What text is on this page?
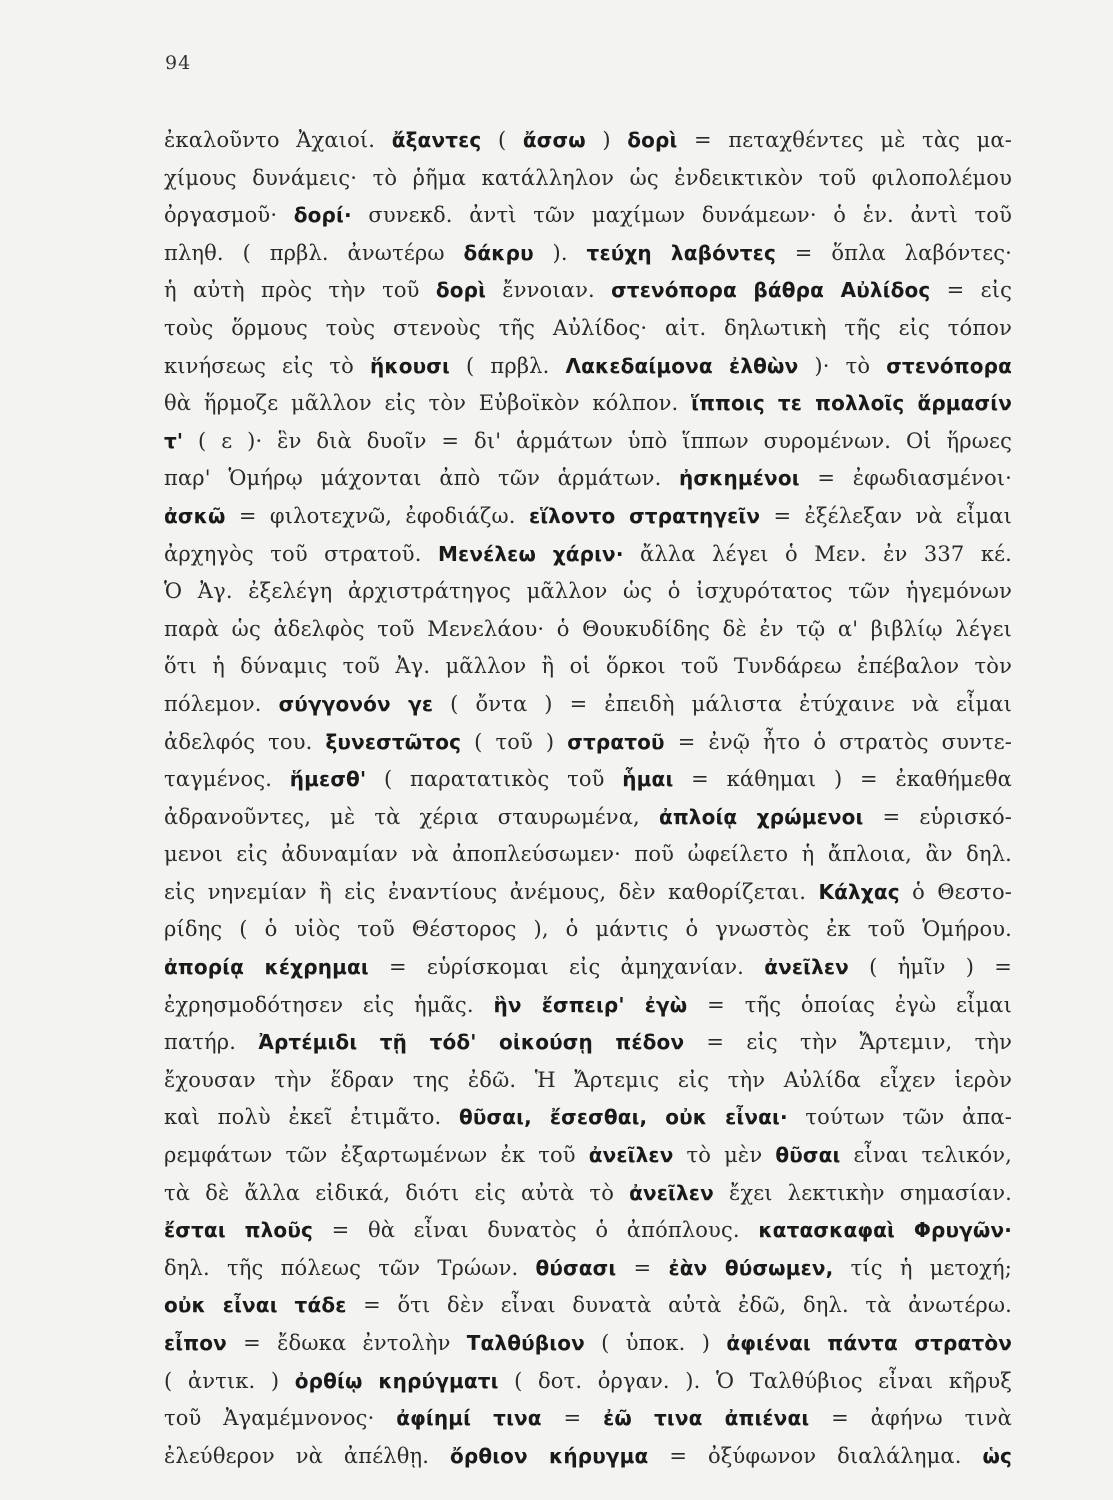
94
ἐκαλοῦντο Ἀχαιοί. ἄξαντες ( ἄσσω ) δορὶ = πεταχθέντες μὲ τὰς μα-
χίμους δυνάμεις· τὸ ῥῆμα κατάλληλον ὡς ἐνδεικτικὸν τοῦ φιλοπολέμου
ὀργασμοῦ· δορί· συνεκδ. ἀντὶ τῶν μαχίμων δυνάμεων· ὁ ἑν. ἀντὶ τοῦ
πληθ. ( πρβλ. ἀνωτέρω δάκρυ ). τεύχη λαβόντες = ὅπλα λαβόντες·
ἡ αὐτὴ πρὸς τὴν τοῦ δορὶ ἔννοιαν. στενόπορα βάθρα Αὐλίδος = εἰς
τοὺς ὅρμους τοὺς στενοὺς τῆς Αὐλίδος· αἰτ. δηλωτικὴ τῆς εἰς τόπον
κινήσεως εἰς τὸ ἥκουσι ( πρβλ. Λακεδαίμονα ἐλθὼν )· τὸ στενόπορα
θὰ ἥρμοζε μᾶλλον εἰς τὸν Εὐβοϊκὸν κόλπον. ἵπποις τε πολλοῖς ἅρμασίν
τ' ( ε )· ἓν διὰ δυοῖν = δι' ἁρμάτων ὑπὸ ἵππων συρομένων. Οἱ ἥρωες
παρ' Ὁμήρῳ μάχονται ἀπὸ τῶν ἁρμάτων. ἠσκημένοι = ἐφωδιασμένοι·
ἀσκῶ = φιλοτεχνῶ, ἐφοδιάζω. εἵλοντο στρατηγεῖν = ἐξέλεξαν νὰ εἶμαι
ἀρχηγὸς τοῦ στρατοῦ. Μενέλεω χάριν· ἄλλα λέγει ὁ Μεν. ἐν 337 κέ.
Ὁ Ἀγ. ἐξελέγη ἀρχιστράτηγος μᾶλλον ὡς ὁ ἰσχυρότατος τῶν ἡγεμόνων
παρὰ ὡς ἀδελφὸς τοῦ Μενελάου· ὁ Θουκυδίδης δὲ ἐν τῷ α' βιβλίῳ λέγει
ὅτι ἡ δύναμις τοῦ Ἀγ. μᾶλλον ἢ οἱ ὅρκοι τοῦ Τυνδάρεω ἐπέβαλον τὸν
πόλεμον. σύγγονόν γε ( ὄντα ) = ἐπειδὴ μάλιστα ἐτύχαινε νὰ εἶμαι
ἀδελφός του. ξυνεστῶτος ( τοῦ ) στρατοῦ = ἐνῷ ἦτο ὁ στρατὸς συντε-
ταγμένος. ἥμεσθ' ( παρατατικὸς τοῦ ἧμαι = κάθημαι ) = ἐκαθήμεθα
ἀδρανοῦντες, μὲ τὰ χέρια σταυρωμένα, ἀπλοίᾳ χρώμενοι = εὑρισκό-
μενοι εἰς ἀδυναμίαν νὰ ἀποπλεύσωμεν· ποῦ ὠφείλετο ἡ ἄπλοια, ἂν δηλ.
εἰς νηνεμίαν ἢ εἰς ἐναντίους ἀνέμους, δὲν καθορίζεται. Κάλχας ὁ Θεστο-
ρίδης ( ὁ υἱὸς τοῦ Θέστορος ), ὁ μάντις ὁ γνωστὸς ἐκ τοῦ Ὁμήρου.
ἀπορίᾳ κέχρημαι = εὑρίσκομαι εἰς ἀμηχανίαν. ἀνεῖλεν ( ἡμῖν ) =
ἐχρησμοδότησεν εἰς ἡμᾶς. ἣν ἔσπειρ' ἐγὼ = τῆς ὁποίας ἐγὼ εἶμαι
πατήρ. Ἀρτέμιδι τῇ τόδ' οἰκούσῃ πέδον = εἰς τὴν Ἄρτεμιν, τὴν
ἔχουσαν τὴν ἕδραν της ἐδῶ. Ἡ Ἄρτεμις εἰς τὴν Αὐλίδα εἶχεν ἱερὸν
καὶ πολὺ ἐκεῖ ἐτιμᾶτο. θῦσαι, ἔσεσθαι, οὐκ εἶναι· τούτων τῶν ἀπα-
ρεμφάτων τῶν ἐξαρτωμένων ἐκ τοῦ ἀνεῖλεν τὸ μὲν θῦσαι εἶναι τελικόν,
τὰ δὲ ἄλλα εἰδικά, διότι εἰς αὐτὰ τὸ ἀνεῖλεν ἔχει λεκτικὴν σημασίαν.
ἔσται πλοῦς = θὰ εἶναι δυνατὸς ὁ ἀπόπλους. κατασκαφαὶ Φρυγῶν·
δηλ. τῆς πόλεως τῶν Τρώων. θύσασι = ἐὰν θύσωμεν, τίς ἡ μετοχή;
οὐκ εἶναι τάδε = ὅτι δὲν εἶναι δυνατὰ αὐτὰ ἐδῶ, δηλ. τὰ ἀνωτέρω.
εἶπον = ἔδωκα ἐντολὴν Ταλθύβιον ( ὑποκ. ) ἀφιέναι πάντα στρατὸν
( ἀντικ. ) ὀρθίῳ κηρύγματι ( δοτ. ὀργαν. ). Ὁ Ταλθύβιος εἶναι κῆρυξ
τοῦ Ἀγαμέμνονος· ἀφίημί τινα = ἐῶ τινα ἀπιέναι = ἀφήνω τινὰ
ἐλεύθερον νὰ ἀπέλθῃ. ὄρθιον κήρυγμα = ὀξύφωνον διαλάλημα. ὡς
